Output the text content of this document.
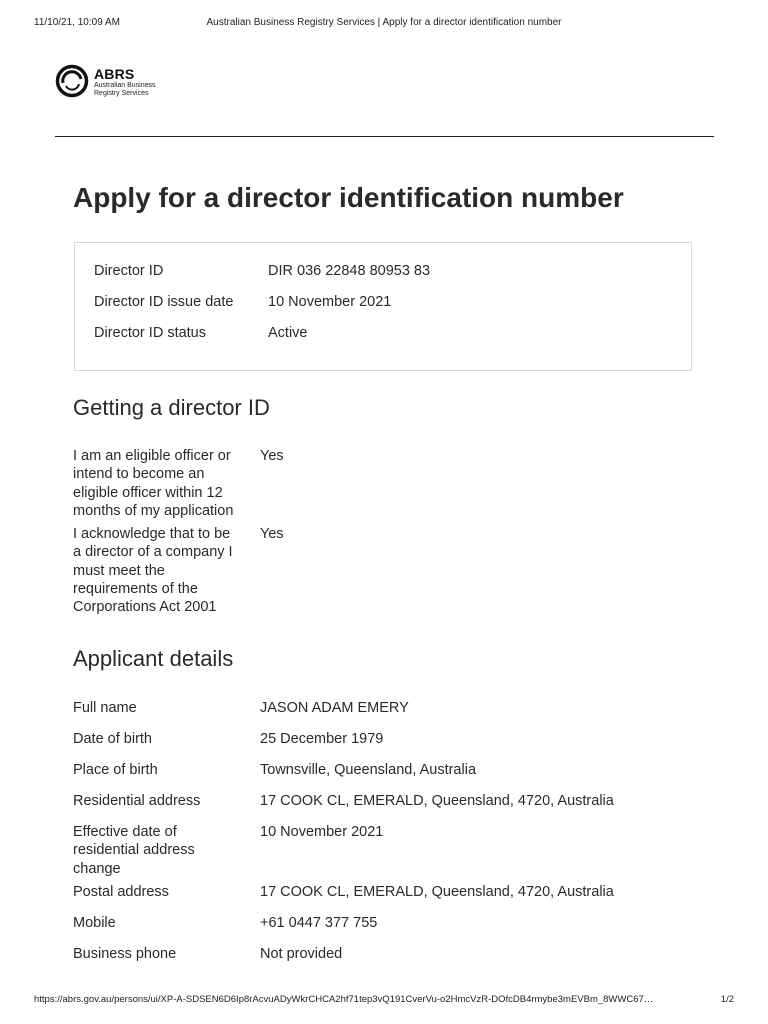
11/10/21, 10:09 AM	Australian Business Registry Services | Apply for a director identification number
ABRS
Australian Business
Registry Services
Apply for a director identification number
Director ID	DIR 036 22848 80953 83
Director ID issue date	10 November 2021
Director ID status	Active
Getting a director ID
I am an eligible officer or
intend to become an
eligible officer within 12
months of my application
Yes
I acknowledge that to be
a director of a company I
must meet the
requirements of the
Corporations Act 2001
Yes
Applicant details
Full name	JASON ADAM EMERY
Date of birth	25 December 1979
Place of birth	Townsville, Queensland, Australia
Residential address	17 COOK CL, EMERALD, Queensland, 4720, Australia
Effective date of
residential address
change
10 November 2021
Postal address	17 COOK CL, EMERALD, Queensland, 4720, Australia
Mobile	+61 0447 377 755
Business phone	Not provided
https://abrs.gov.au/persons/ui/XP-A-SDSEN6D6Ip8rAcvuADyWkrCHCA2hf71tep3vQ191CverVu-o2HmcVzR-DOfcDB4rmybe3mEVBm_8WWC67…	1/2
